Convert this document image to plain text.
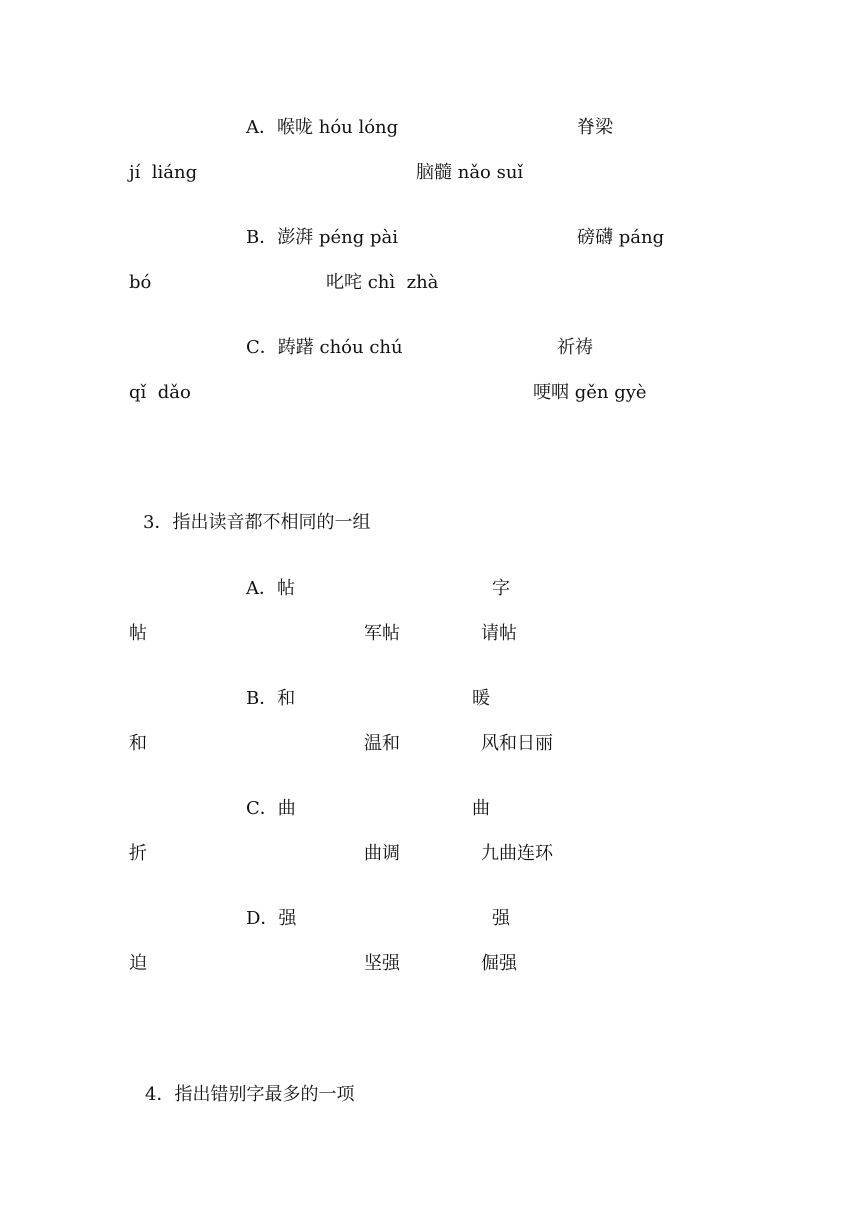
A．喉咙 hóu lóng	脊梁
jí  liáng	脑髓 nǎo suǐ
B．澎湃 péng pài	磅礴 páng
bó	叱咤 chì  zhà
C．踌躇 chóu chú	祈祷
qǐ  dǎo	哽咽 gěn gyè
3．指出读音都不相同的一组
A．帖	字
帖	军帖	请帖
B．和	暖
和	温和	风和日丽
C．曲	曲
折	曲调	九曲连环
D．强	强
迫	坚强	倔强
4．指出错别字最多的一项
